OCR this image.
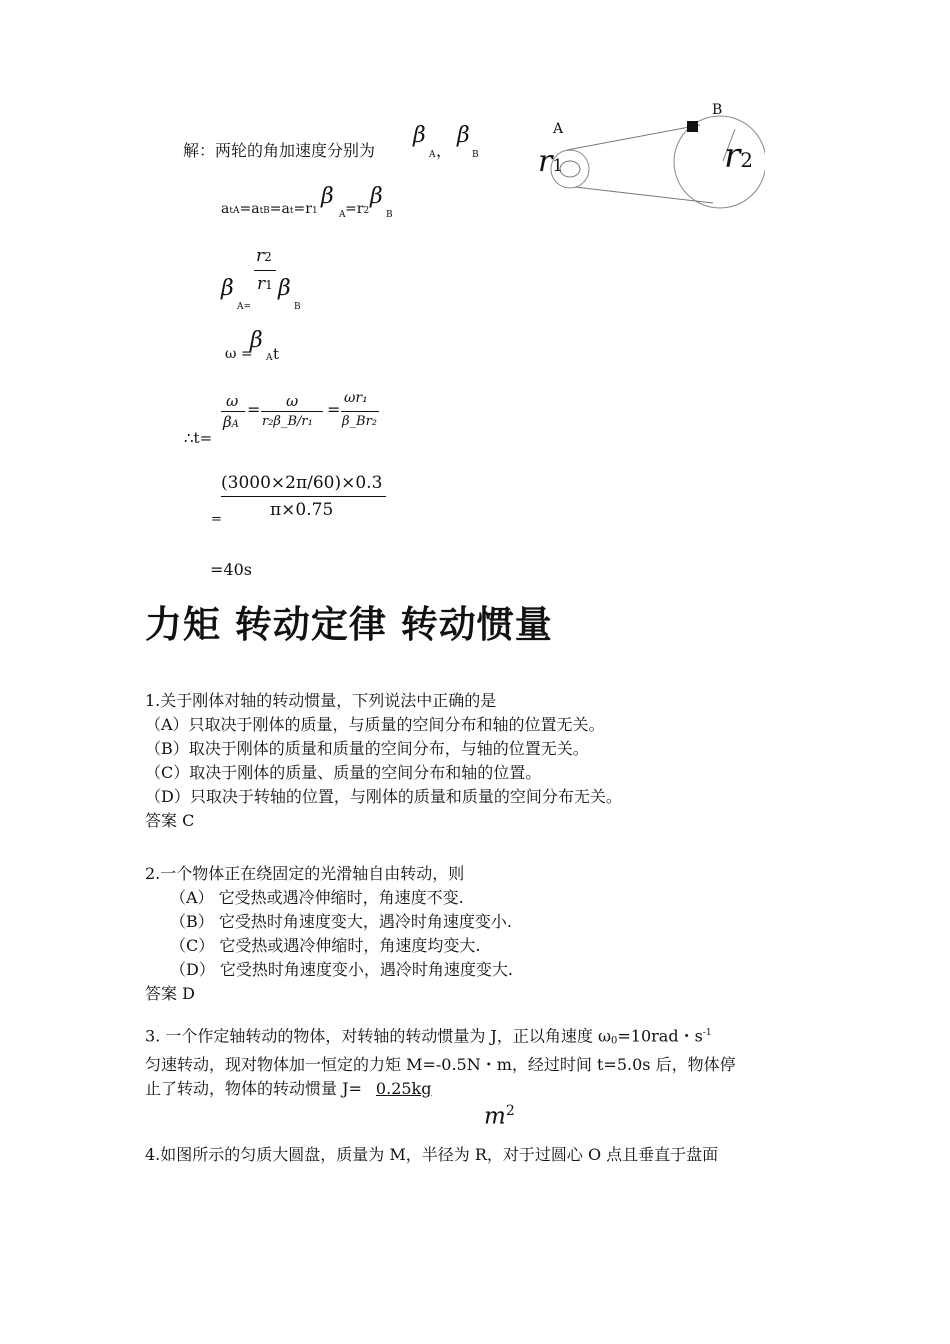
解：两轮的角加速度分别为
β
A ，
β
B
atA=atB=at=r1
β
A =r2
β
B
β
A=
r2
r1 β
B
ω =
β
A t
∴t=
ω
βA
= ω
r₂β_B/r₁
=
ωr₁
β_Br₂
(3000×2π/60)×0.3
π×0.75
=
=40s
A
B
r1	r2
力矩 转动定律 转动惯量
1.关于刚体对轴的转动惯量，下列说法中正确的是
（A）只取决于刚体的质量，与质量的空间分布和轴的位置无关。
（B）取决于刚体的质量和质量的空间分布，与轴的位置无关。
（C）取决于刚体的质量、质量的空间分布和轴的位置。
（D）只取决于转轴的位置，与刚体的质量和质量的空间分布无关。
答案 C
2.一个物体正在绕固定的光滑轴自由转动，则
（A） 它受热或遇冷伸缩时，角速度不变.
（B） 它受热时角速度变大，遇冷时角速度变小.
（C） 它受热或遇冷伸缩时，角速度均变大.
（D） 它受热时角速度变小，遇冷时角速度变大.
答案 D
3. 一个作定轴转动的物体，对转轴的转动惯量为 J，正以角速度 ω0=10rad・$s^{-1}$
匀速转动，现对物体加一恒定的力矩 M=-0.5N・m，经过时间 t=5.0s 后，物体停
止了转动，物体的转动惯量 J= 0.25kg
$m^2$
4.如图所示的匀质大圆盘，质量为 M，半径为 R，对于过圆心 O 点且垂直于盘面
